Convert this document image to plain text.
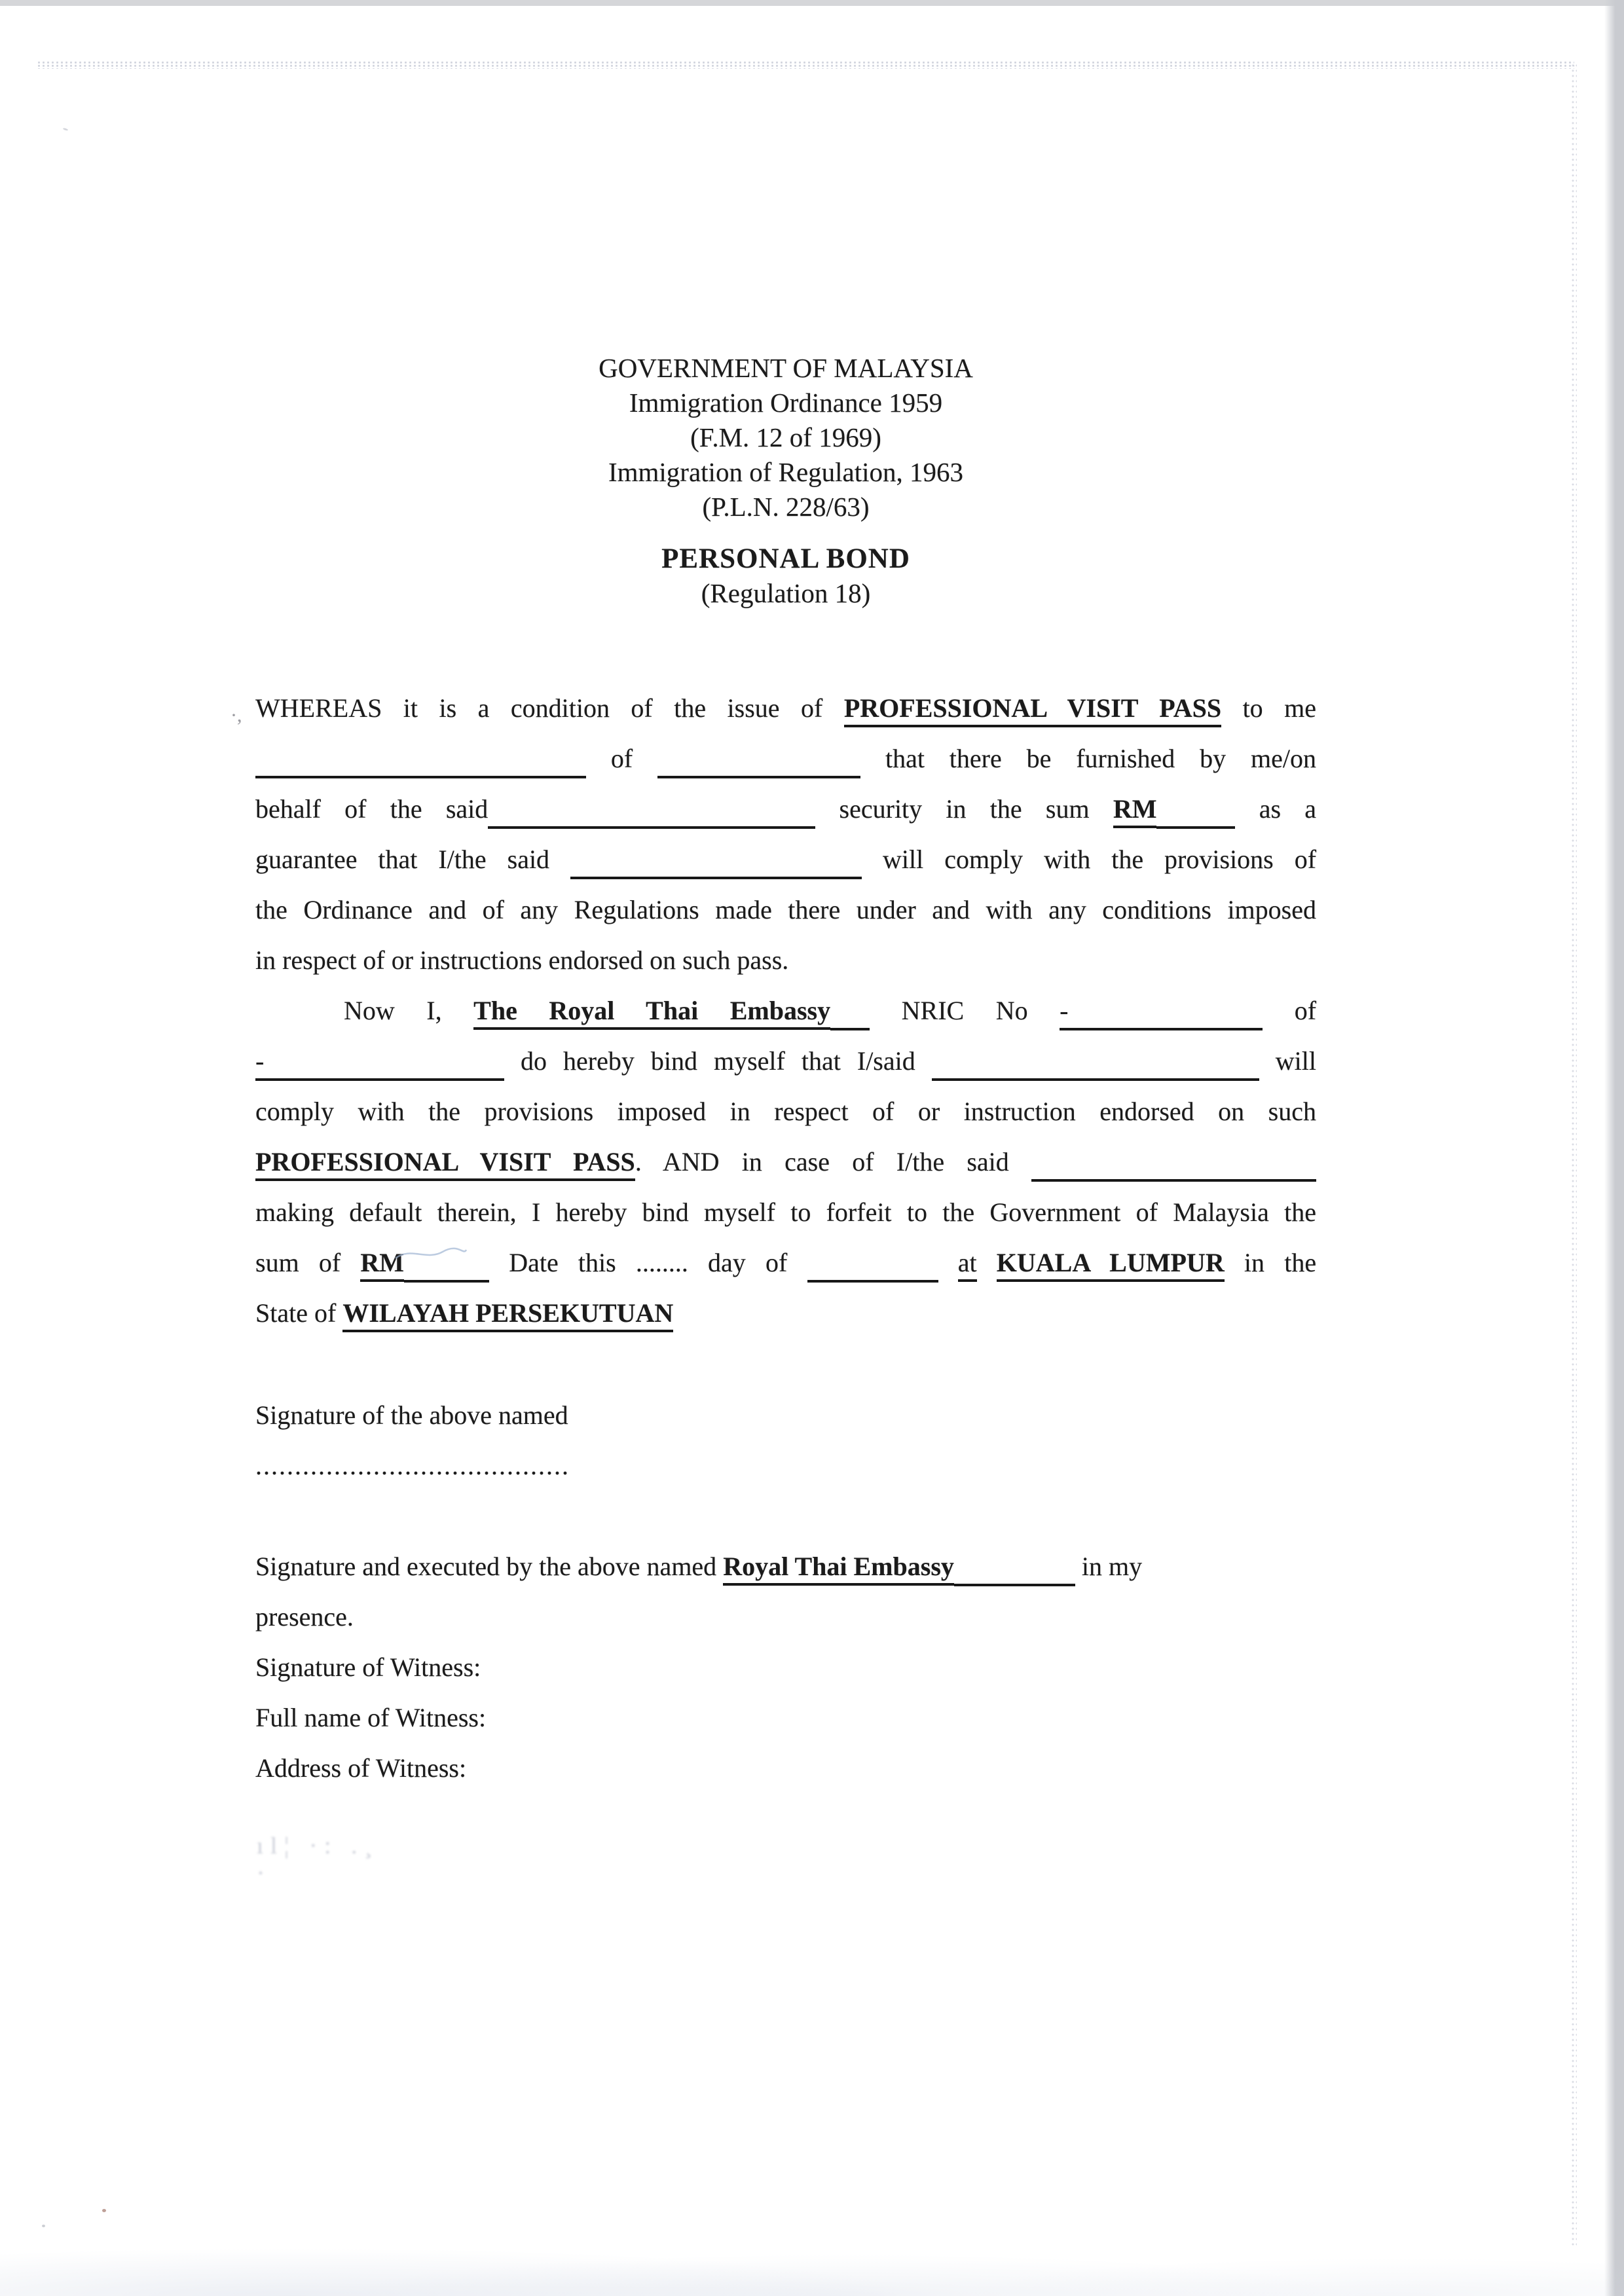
GOVERNMENT OF MALAYSIA
Immigration Ordinance 1959
(F.M. 12 of 1969)
Immigration of Regulation, 1963
(P.L.N. 228/63)
PERSONAL BOND
(Regulation 18)
WHEREAS it is a condition of the issue of PROFESSIONAL VISIT PASS to me
of	that there be furnished by me/on
behalf of the said	security in the sum RM	as a
guarantee that I/the said	will comply with the provisions of
the Ordinance and of any Regulations made there under and with any conditions imposed
in respect of or instructions endorsed on such pass.
Now I, The Royal Thai Embassy	NRIC No -	of
-	do hereby bind myself that I/said	will
comply with the provisions imposed in respect of or instruction endorsed on such
PROFESSIONAL VISIT PASS. AND in case of I/the said
making default therein, I hereby bind myself to forfeit to the Government of Malaysia the
sum of RM	Date this ........ day of	at KUALA LUMPUR in the
State of WILAYAH PERSEKUTUAN
Signature of the above named
........................................

Signature and executed by the above named Royal Thai Embassy	in my
presence.
Signature of Witness:
Full name of Witness:
Address of Witness:
ıl¦ ·: .¸ ·
·,
